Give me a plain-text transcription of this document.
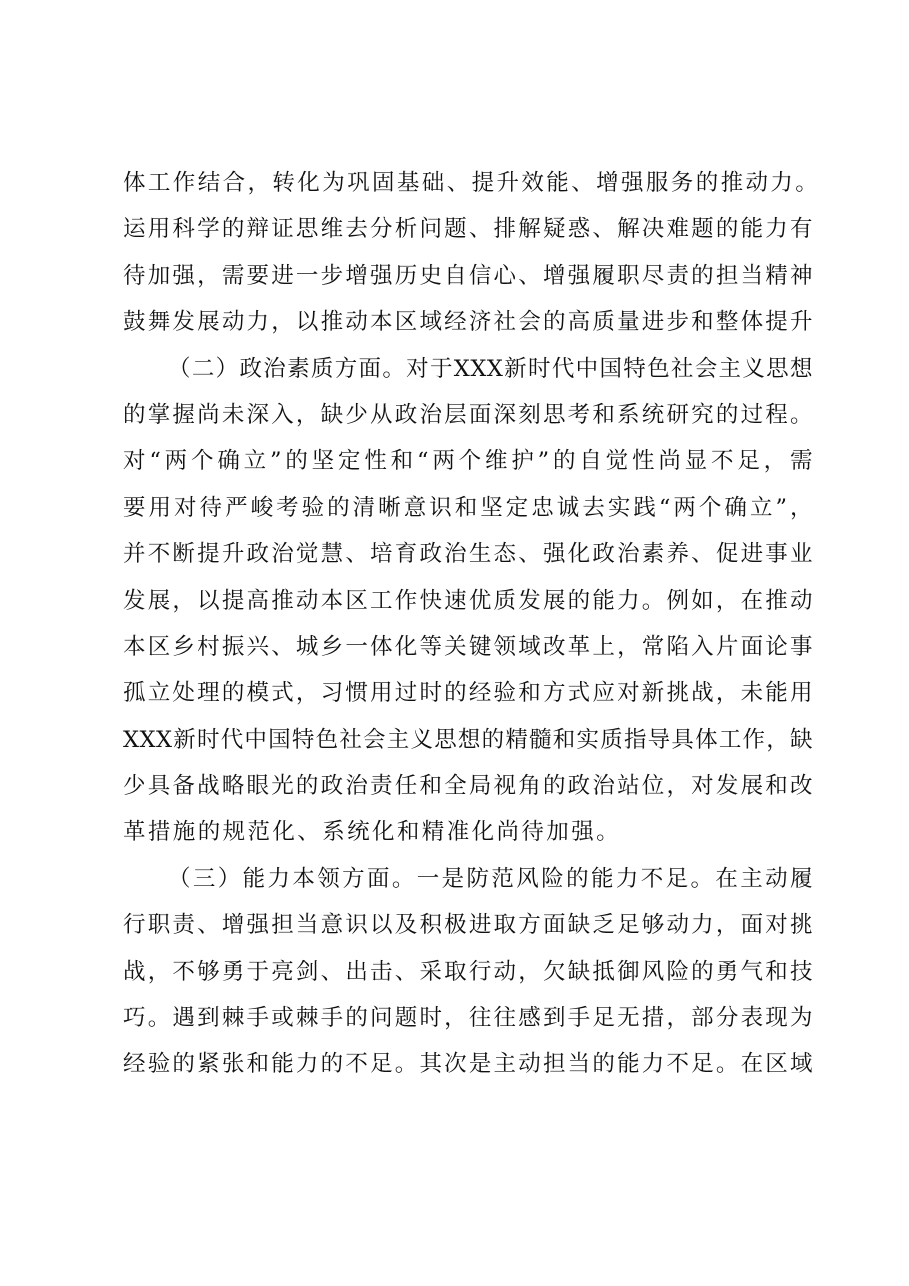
体工作结合，转化为巩固基础、提升效能、增强服务的推动力。
运用科学的辩证思维去分析问题、排解疑惑、解决难题的能力有
待加强，需要进一步增强历史自信心、增强履职尽责的担当精神
鼓舞发展动力，以推动本区域经济社会的高质量进步和整体提升
（二）政治素质方面。对于XXX新时代中国特色社会主义思想
的掌握尚未深入，缺少从政治层面深刻思考和系统研究的过程。
对“两个确立”的坚定性和“两个维护”的自觉性尚显不足，需
要用对待严峻考验的清晰意识和坚定忠诚去实践“两个确立”，
并不断提升政治觉慧、培育政治生态、强化政治素养、促进事业
发展，以提高推动本区工作快速优质发展的能力。例如，在推动
本区乡村振兴、城乡一体化等关键领域改革上，常陷入片面论事
孤立处理的模式，习惯用过时的经验和方式应对新挑战，未能用
XXX新时代中国特色社会主义思想的精髓和实质指导具体工作，缺
少具备战略眼光的政治责任和全局视角的政治站位，对发展和改
革措施的规范化、系统化和精准化尚待加强。
（三）能力本领方面。一是防范风险的能力不足。在主动履
行职责、增强担当意识以及积极进取方面缺乏足够动力，面对挑
战，不够勇于亮剑、出击、采取行动，欠缺抵御风险的勇气和技
巧。遇到棘手或棘手的问题时，往往感到手足无措，部分表现为
经验的紧张和能力的不足。其次是主动担当的能力不足。在区域
